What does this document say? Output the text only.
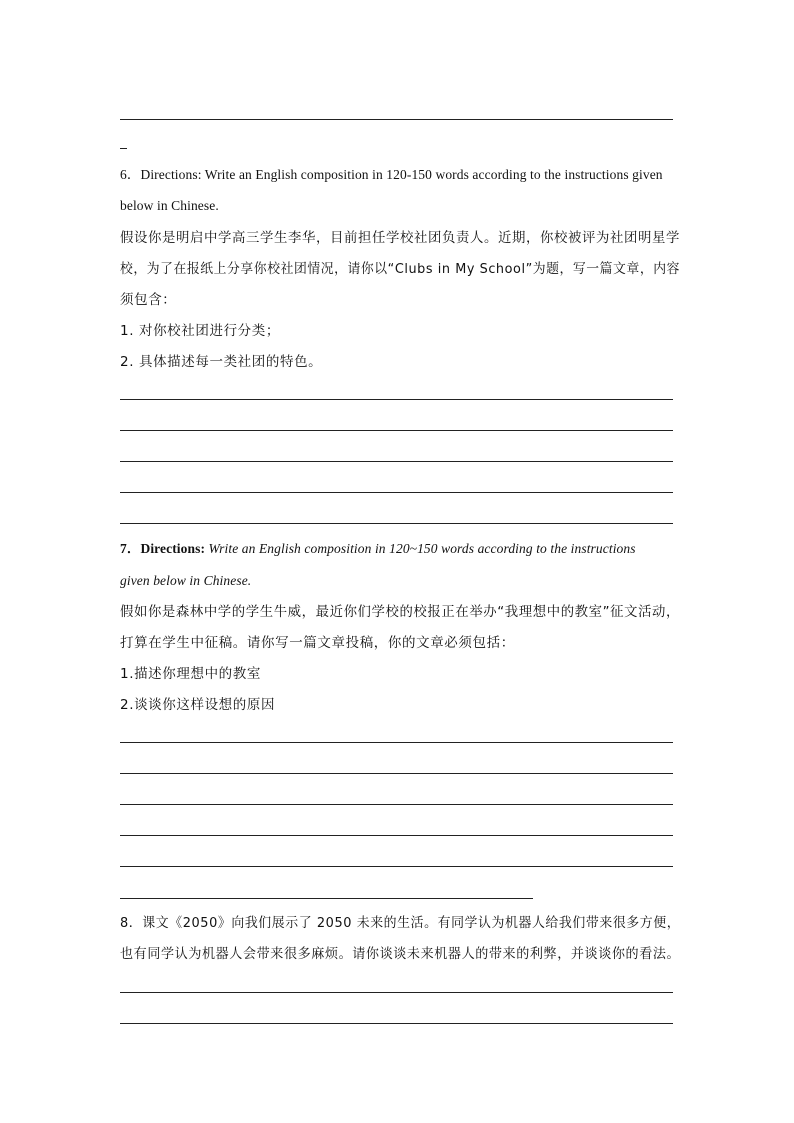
6．Directions: Write an English composition in 120-150 words according to the instructions given
below in Chinese.
假设你是明启中学高三学生李华，目前担任学校社团负责人。近期，你校被评为社团明星学
校，为了在报纸上分享你校社团情况，请你以“Clubs in My School”为题，写一篇文章，内容
须包含：
1. 对你校社团进行分类；
2. 具体描述每一类社团的特色。
7．Directions: Write an English composition in 120~150 words according to the instructions
given below in Chinese.
假如你是森林中学的学生牛威，最近你们学校的校报正在举办“我理想中的教室”征文活动，
打算在学生中征稿。请你写一篇文章投稿，你的文章必须包括：
1.描述你理想中的教室
2.谈谈你这样设想的原因
8．课文《2050》向我们展示了 2050 未来的生活。有同学认为机器人给我们带来很多方便，
也有同学认为机器人会带来很多麻烦。请你谈谈未来机器人的带来的利弊，并谈谈你的看法。
